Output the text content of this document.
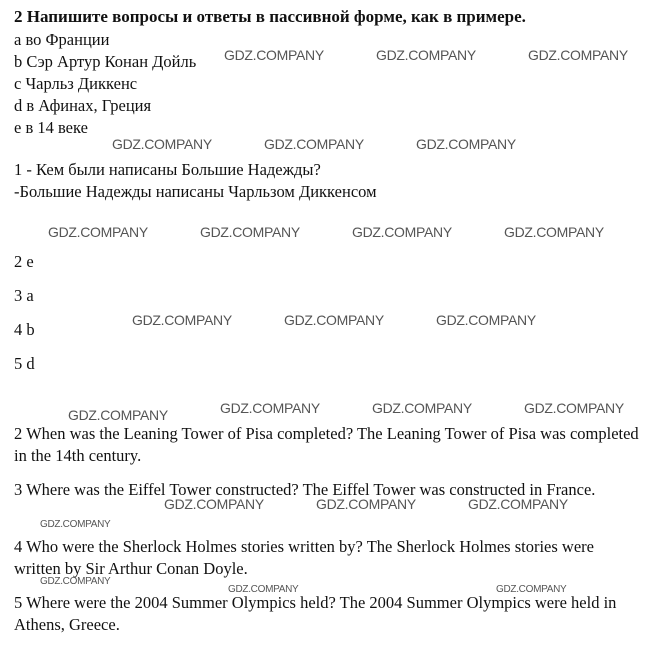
2 Напишите вопросы и ответы в пассивной форме, как в примере.
a во Франции
b Сэр Артур Конан Дойль
c Чарльз Диккенс
d в Афинах, Греция
e в 14 веке
1 - Кем были написаны Большие Надежды?
-Большие Надежды написаны Чарльзом Диккенсом
2 e
3 a
4 b
5 d
2 When was the Leaning Tower of Pisa completed? The Leaning Tower of Pisa was completed in the 14th century.
3 Where was the Eiffel Tower constructed? The Eiffel Tower was constructed in France.
4 Who were the Sherlock Holmes stories written by? The Sherlock Holmes stories were written by Sir Arthur Conan Doyle.
5 Where were the 2004 Summer Olympics held? The 2004 Summer Olympics were held in Athens, Greece.
GDZ.COMPANY	GDZ.COMPANY	GDZ.COMPANY
GDZ.COMPANY	GDZ.COMPANY	GDZ.COMPANY
GDZ.COMPANY	GDZ.COMPANY	GDZ.COMPANY	GDZ.COMPANY
GDZ.COMPANY	GDZ.COMPANY	GDZ.COMPANY
GDZ.COMPANY	GDZ.COMPANY	GDZ.COMPANY	GDZ.COMPANY
GDZ.COMPANY	GDZ.COMPANY	GDZ.COMPANY
GDZ.COMPANY
GDZ.COMPANY
GDZ.COMPANY	GDZ.COMPANY
